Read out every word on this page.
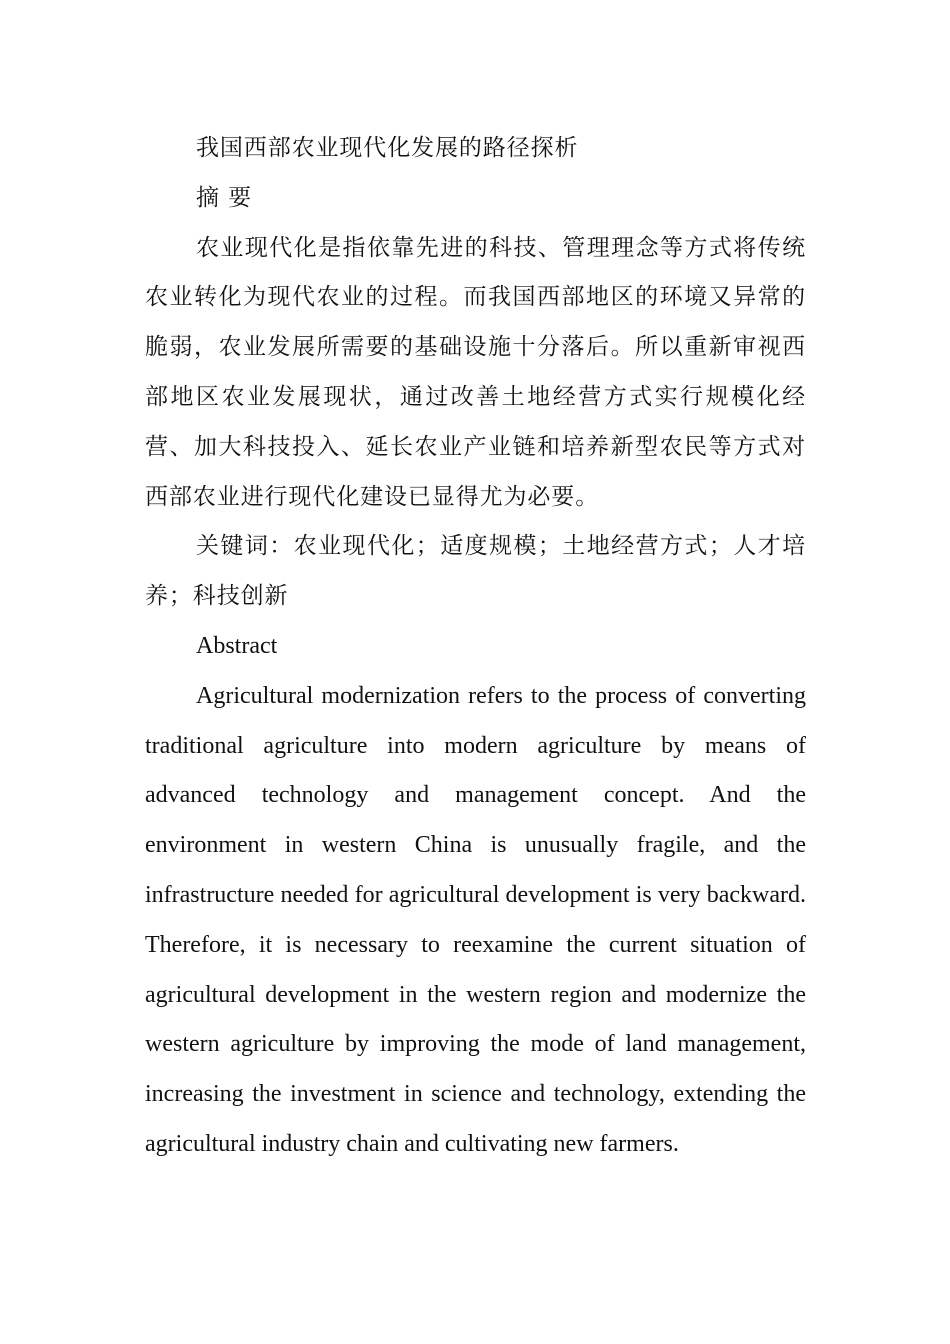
我国西部农业现代化发展的路径探析

摘 要

农业现代化是指依靠先进的科技、管理理念等方式将传统农业转化为现代农业的过程。而我国西部地区的环境又异常的脆弱，农业发展所需要的基础设施十分落后。所以重新审视西部地区农业发展现状，通过改善土地经营方式实行规模化经营、加大科技投入、延长农业产业链和培养新型农民等方式对西部农业进行现代化建设已显得尤为必要。

关键词：农业现代化；适度规模；土地经营方式；人才培养；科技创新

Abstract

Agricultural modernization refers to the process of converting traditional agriculture into modern agriculture by means of advanced technology and management concept. And the environment in western China is unusually fragile, and the infrastructure needed for agricultural development is very backward. Therefore, it is necessary to reexamine the current situation of agricultural development in the western region and modernize the western agriculture by improving the mode of land management, increasing the investment in science and technology, extending the agricultural industry chain and cultivating new farmers.
